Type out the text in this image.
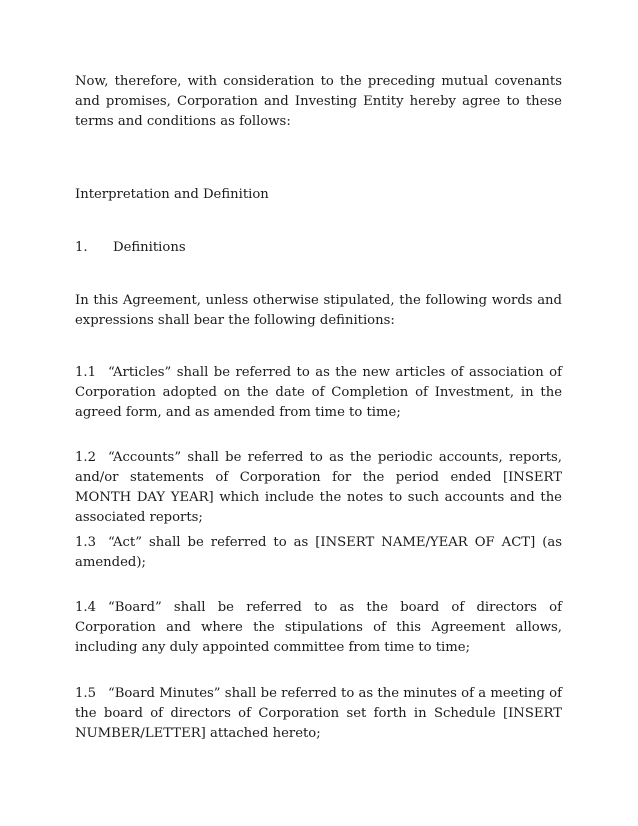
Now, therefore, with consideration to the preceding mutual covenants and promises, Corporation and Investing Entity hereby agree to these terms and conditions as follows:

Interpretation and Definition

1. Definitions

In this Agreement, unless otherwise stipulated, the following words and expressions shall bear the following definitions:

1.1 “Articles” shall be referred to as the new articles of association of Corporation adopted on the date of Completion of Investment, in the agreed form, and as amended from time to time;

1.2 “Accounts” shall be referred to as the periodic accounts, reports, and/or statements of Corporation for the period ended [INSERT MONTH DAY YEAR] which include the notes to such accounts and the associated reports;

1.3 “Act” shall be referred to as [INSERT NAME/YEAR OF ACT] (as amended);

1.4 “Board” shall be referred to as the board of directors of Corporation and where the stipulations of this Agreement allows, including any duly appointed committee from time to time;

1.5 “Board Minutes” shall be referred to as the minutes of a meeting of the board of directors of Corporation set forth in Schedule [INSERT NUMBER/LETTER] attached hereto;
